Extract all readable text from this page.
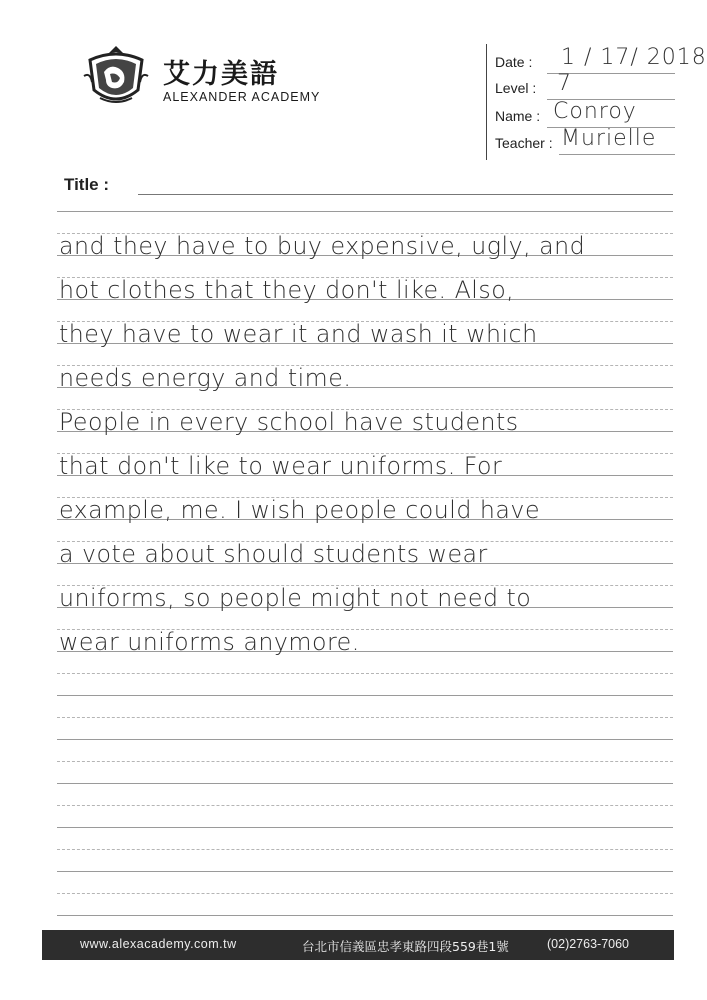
艾力美語
ALEXANDER ACADEMY
Date : 1 / 17/ 2018
Level : 7
Name : Conroy
Teacher : Murielle
Title :
and they have to buy expensive, ugly, and
hot clothes that they don't like. Also,
they have to wear it and wash it which
needs energy and time.
People in every school have students
that don't like to wear uniforms. For
example, me. I wish people could have
a vote about should students wear
uniforms, so people might not need to
wear uniforms anymore.
www.alexacademy.com.tw	台北市信義區忠孝東路四段559巷1號	(02)2763-7060
